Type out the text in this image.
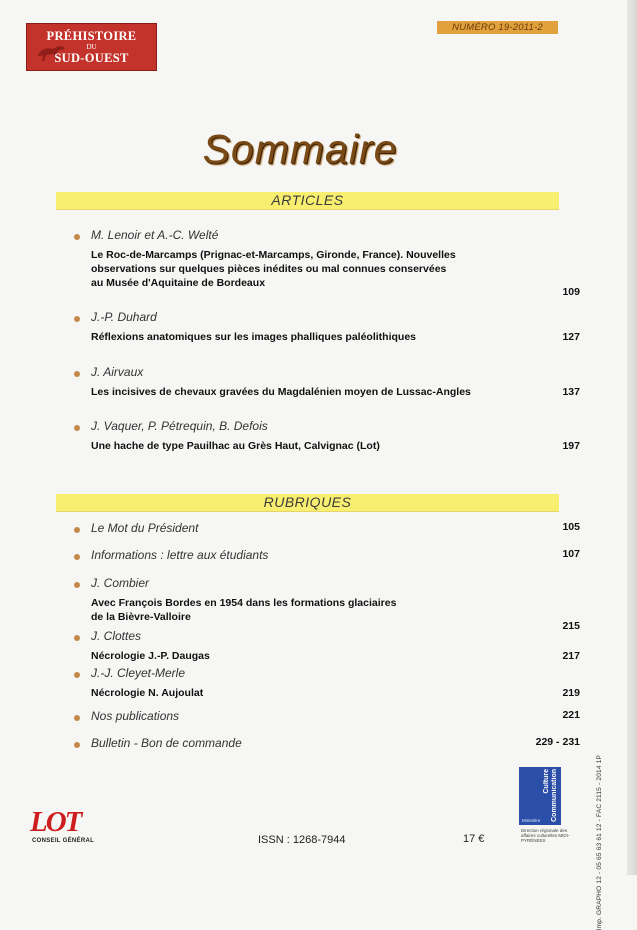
PRÉHISTOIRE
DU
SUD-OUEST
NUMÉRO 19-2011-2
Sommaire
ARTICLES
M. Lenoir et A.-C. Welté
Le Roc-de-Marcamps (Prignac-et-Marcamps, Gironde, France). Nouvelles
observations sur quelques pièces inédites ou mal connues conservées
au Musée d'Aquitaine de Bordeaux
109
J.-P. Duhard
Réflexions anatomiques sur les images phalliques paléolithiques	127
J. Airvaux
Les incisives de chevaux gravées du Magdalénien moyen de Lussac-Angles	137
J. Vaquer, P. Pétrequin, B. Defois
Une hache de type Pauilhac au Grès Haut, Calvignac (Lot)	197
RUBRIQUES
Le Mot du Président	105
Informations : lettre aux étudiants	107
J. Combier
Avec François Bordes en 1954 dans les formations glaciaires
de la Bièvre-Valloire
215
J. Clottes
Nécrologie J.-P. Daugas	217
J.-J. Cleyet-Merle
Nécrologie N. Aujoulat	219
Nos publications	221
Bulletin - Bon de commande	229 - 231
LOT
CONSEIL GÉNÉRAL	ISSN : 1268-7944	17 €
Culture Communication
Ministère
Direction régionale des affaires culturelles MIDI-PYRÉNÉES	Imp. GRAPHO 12 - 05 65 63 61 12 - FAC 2115 - 2014 1P
